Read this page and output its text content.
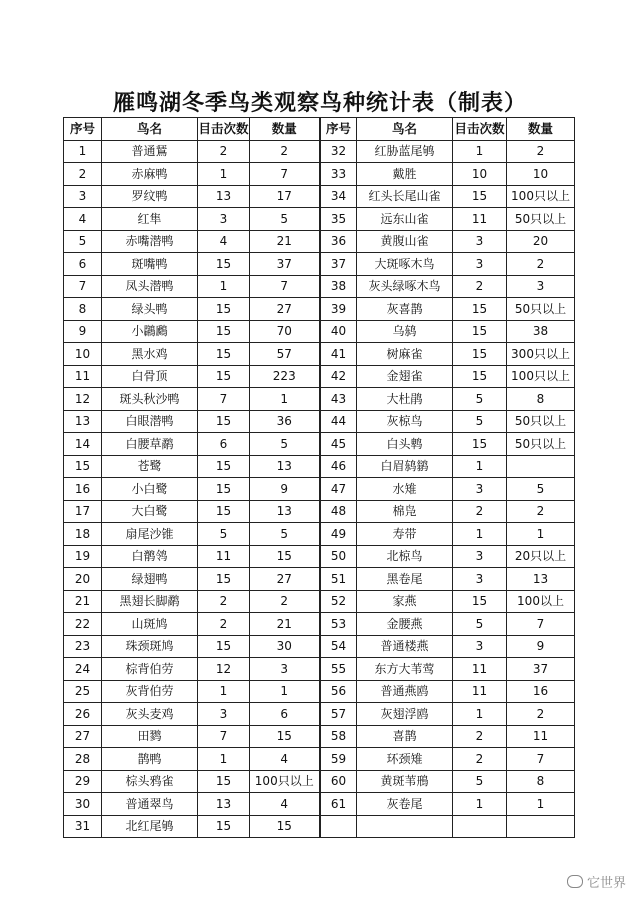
雁鸣湖冬季鸟类观察鸟种统计表（制表）
序号	鸟名	目击次数	数量
1	普通鵟	2	2
2	赤麻鸭	1	7
3	罗纹鸭	13	17
4	红隼	3	5
5	赤嘴潜鸭	4	21
6	斑嘴鸭	15	37
7	凤头潜鸭	1	7
8	绿头鸭	15	27
9	小鸊鷉	15	70
10	黑水鸡	15	57
11	白骨顶	15	223
12	斑头秋沙鸭	7	1
13	白眼潜鸭	15	36
14	白腰草鹬	6	5
15	苍鹭	15	13
16	小白鹭	15	9
17	大白鹭	15	13
18	扇尾沙锥	5	5
19	白鹡鸰	11	15
20	绿翅鸭	15	27
21	黑翅长脚鹬	2	2
22	山斑鸠	2	21
23	珠颈斑鸠	15	30
24	棕背伯劳	12	3
25	灰背伯劳	1	1
26	灰头麦鸡	3	6
27	田鹨	7	15
28	鹊鸭	1	4
29	棕头鸦雀	15	100只以上
30	普通翠鸟	13	4
31	北红尾鸲	15	15
序号	鸟名	目击次数	数量
32	红胁蓝尾鸲	1	2
33	戴胜	10	10
34	红头长尾山雀	15	100只以上
35	远东山雀	11	50只以上
36	黄腹山雀	3	20
37	大斑啄木鸟	3	2
38	灰头绿啄木鸟	2	3
39	灰喜鹊	15	50只以上
40	乌鸫	15	38
41	树麻雀	15	300只以上
42	金翅雀	15	100只以上
43	大杜鹃	5	8
44	灰椋鸟	5	50只以上
45	白头鹎	15	50只以上
46	白眉鸫鹟	1	
47	水雉	3	5
48	棉凫	2	2
49	寿带	1	1
50	北椋鸟	3	20只以上
51	黑卷尾	3	13
52	家燕	15	100以上
53	金腰燕	5	7
54	普通楼燕	3	9
55	东方大苇莺	11	37
56	普通燕鸥	11	16
57	灰翅浮鸥	1	2
58	喜鹊	2	11
59	环颈雉	2	7
60	黄斑苇鳽	5	8
61	灰卷尾	1	1

它世界
